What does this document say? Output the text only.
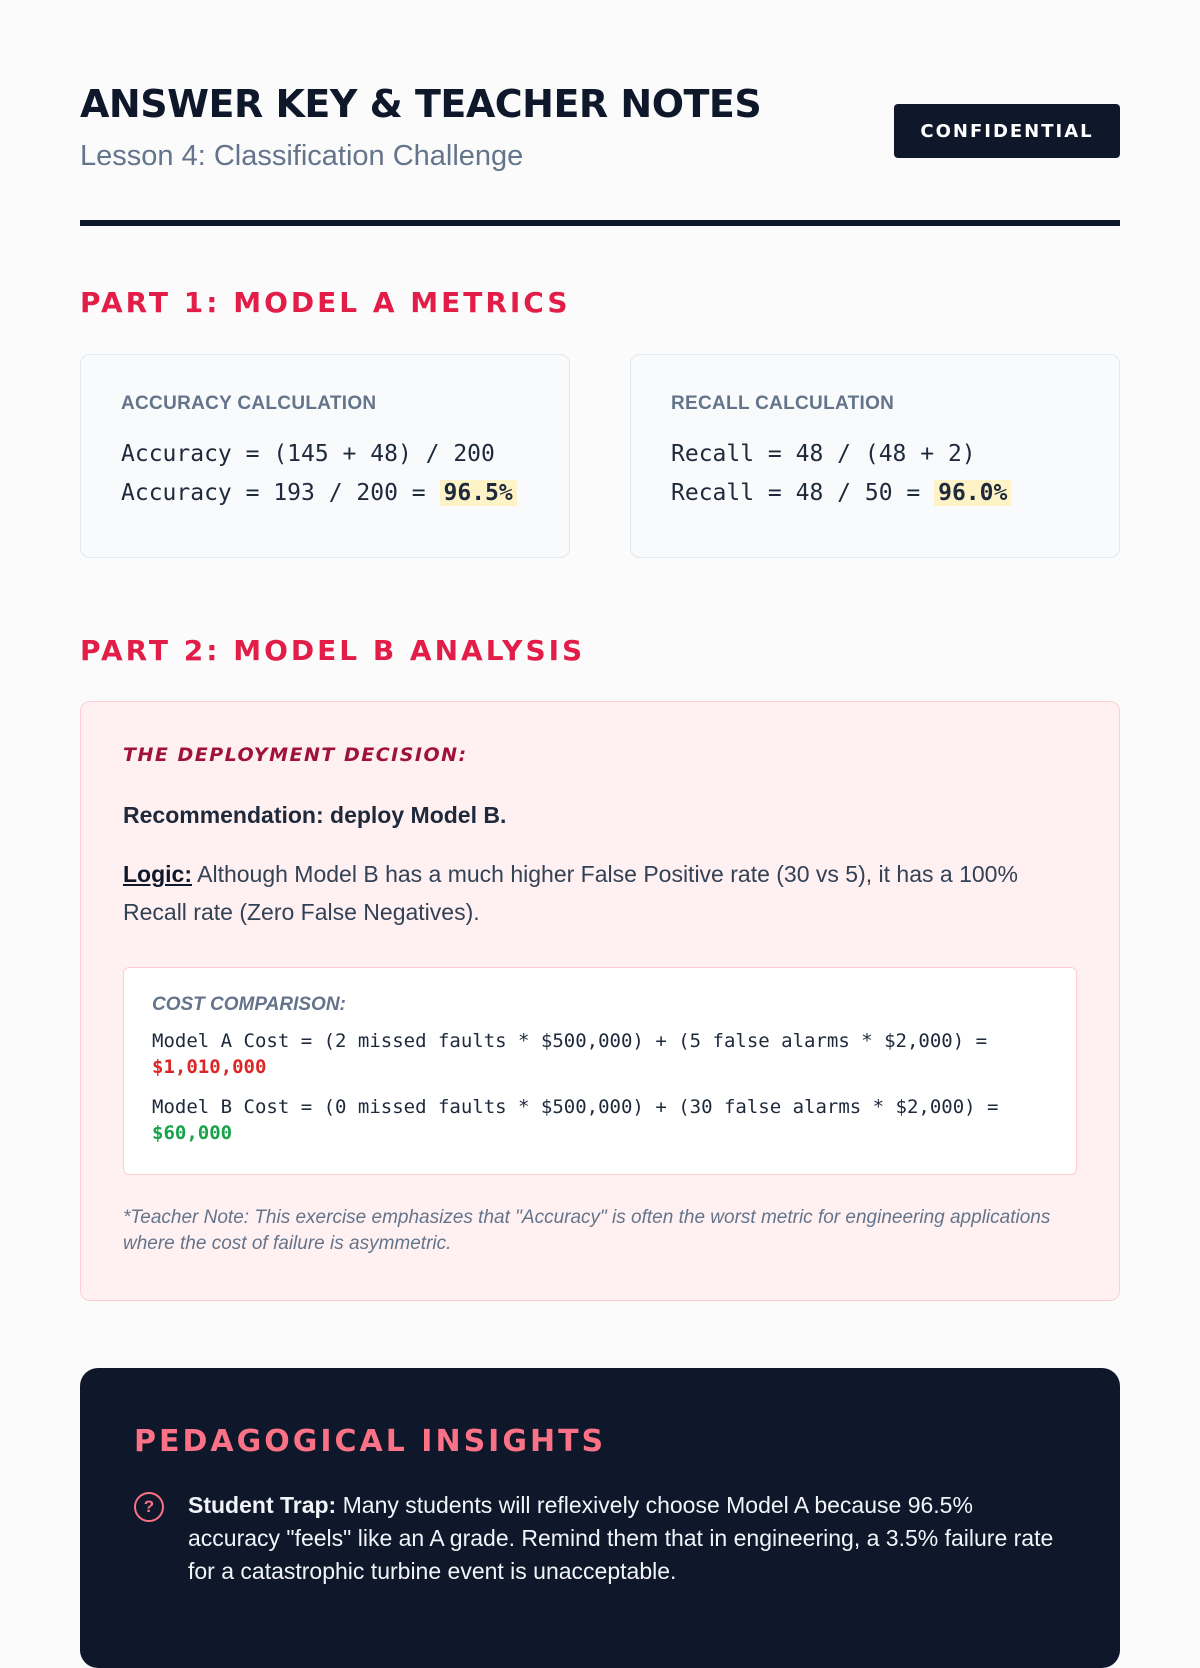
ANSWER KEY & TEACHER NOTES
Lesson 4: Classification Challenge
CONFIDENTIAL
PART 1: MODEL A METRICS
ACCURACY CALCULATION
Accuracy = (145 + 48) / 200
Accuracy = 193 / 200 = 96.5%
RECALL CALCULATION
Recall = 48 / (48 + 2)
Recall = 48 / 50 = 96.0%
PART 2: MODEL B ANALYSIS
THE DEPLOYMENT DECISION:
Recommendation: deploy Model B.
Logic: Although Model B has a much higher False Positive rate (30 vs 5), it has a 100% Recall rate (Zero False Negatives).
COST COMPARISON:
Model A Cost = (2 missed faults * $500,000) + (5 false alarms * $2,000) =
$1,010,000
Model B Cost = (0 missed faults * $500,000) + (30 false alarms * $2,000) =
$60,000
*Teacher Note: This exercise emphasizes that "Accuracy" is often the worst metric for engineering applications where the cost of failure is asymmetric.
PEDAGOGICAL INSIGHTS
?	Student Trap: Many students will reflexively choose Model A because 96.5% accuracy "feels" like an A grade. Remind them that in engineering, a 3.5% failure rate for a catastrophic turbine event is unacceptable.
